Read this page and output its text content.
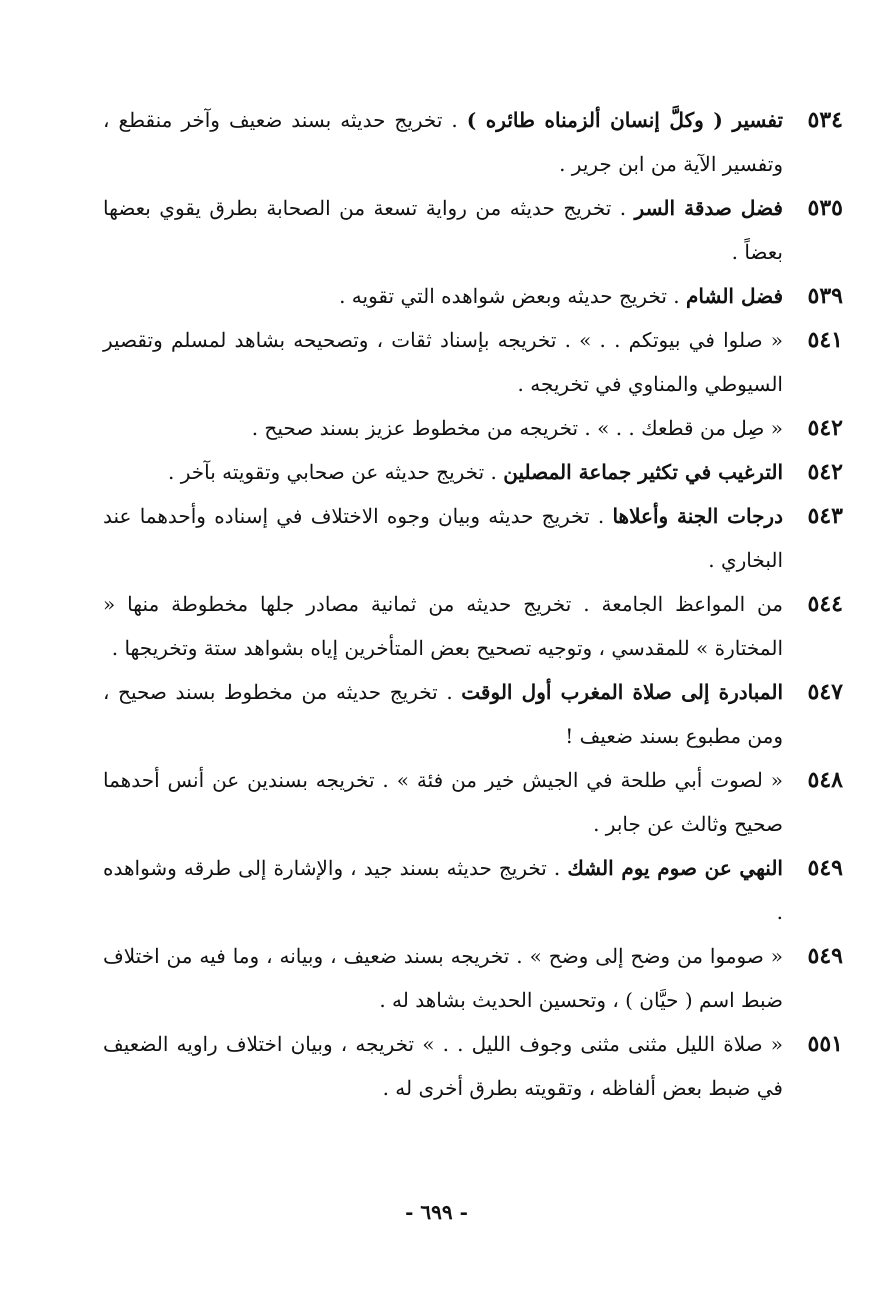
٥٣٤
تفسير ( وكلَّ إنسان ألزمناه طائره ) . تخريج حديثه بسند ضعيف وآخر منقطع ، وتفسير الآية من ابن جرير .
٥٣٥
فضل صدقة السر . تخريج حديثه من رواية تسعة من الصحابة بطرق يقوي بعضها بعضاً .
٥٣٩
فضل الشام . تخريج حديثه وبعض شواهده التي تقويه .
٥٤١
« صلوا في بيوتكم . . » . تخريجه بإسناد ثقات ، وتصحيحه بشاهد لمسلم وتقصير السيوطي والمناوي في تخريجه .
٥٤٢
« صِل من قطعك . . » . تخريجه من مخطوط عزيز بسند صحيح .
٥٤٢
الترغيب في تكثير جماعة المصلين . تخريج حديثه عن صحابي وتقويته بآخر .
٥٤٣
درجات الجنة وأعلاها . تخريج حديثه وبيان وجوه الاختلاف في إسناده وأحدهما عند البخاري .
٥٤٤
من المواعظ الجامعة . تخريج حديثه من ثمانية مصادر جلها مخطوطة منها « المختارة » للمقدسي ، وتوجيه تصحيح بعض المتأخرين إياه بشواهد ستة وتخريجها .
٥٤٧
المبادرة إلى صلاة المغرب أول الوقت . تخريج حديثه من مخطوط بسند صحيح ، ومن مطبوع بسند ضعيف !
٥٤٨
« لصوت أبي طلحة في الجيش خير من فئة » . تخريجه بسندين عن أنس أحدهما صحيح وثالث عن جابر .
٥٤٩
النهي عن صوم يوم الشك . تخريج حديثه بسند جيد ، والإشارة إلى طرقه وشواهده .
٥٤٩
« صوموا من وضح إلى وضح » . تخريجه بسند ضعيف ، وبيانه ، وما فيه من اختلاف ضبط اسم ( حيَّان ) ، وتحسين الحديث بشاهد له .
٥٥١
« صلاة الليل مثنى مثنى وجوف الليل . . » تخريجه ، وبيان اختلاف راويه الضعيف في ضبط بعض ألفاظه ، وتقويته بطرق أخرى له .
- ٦٩٩ -
